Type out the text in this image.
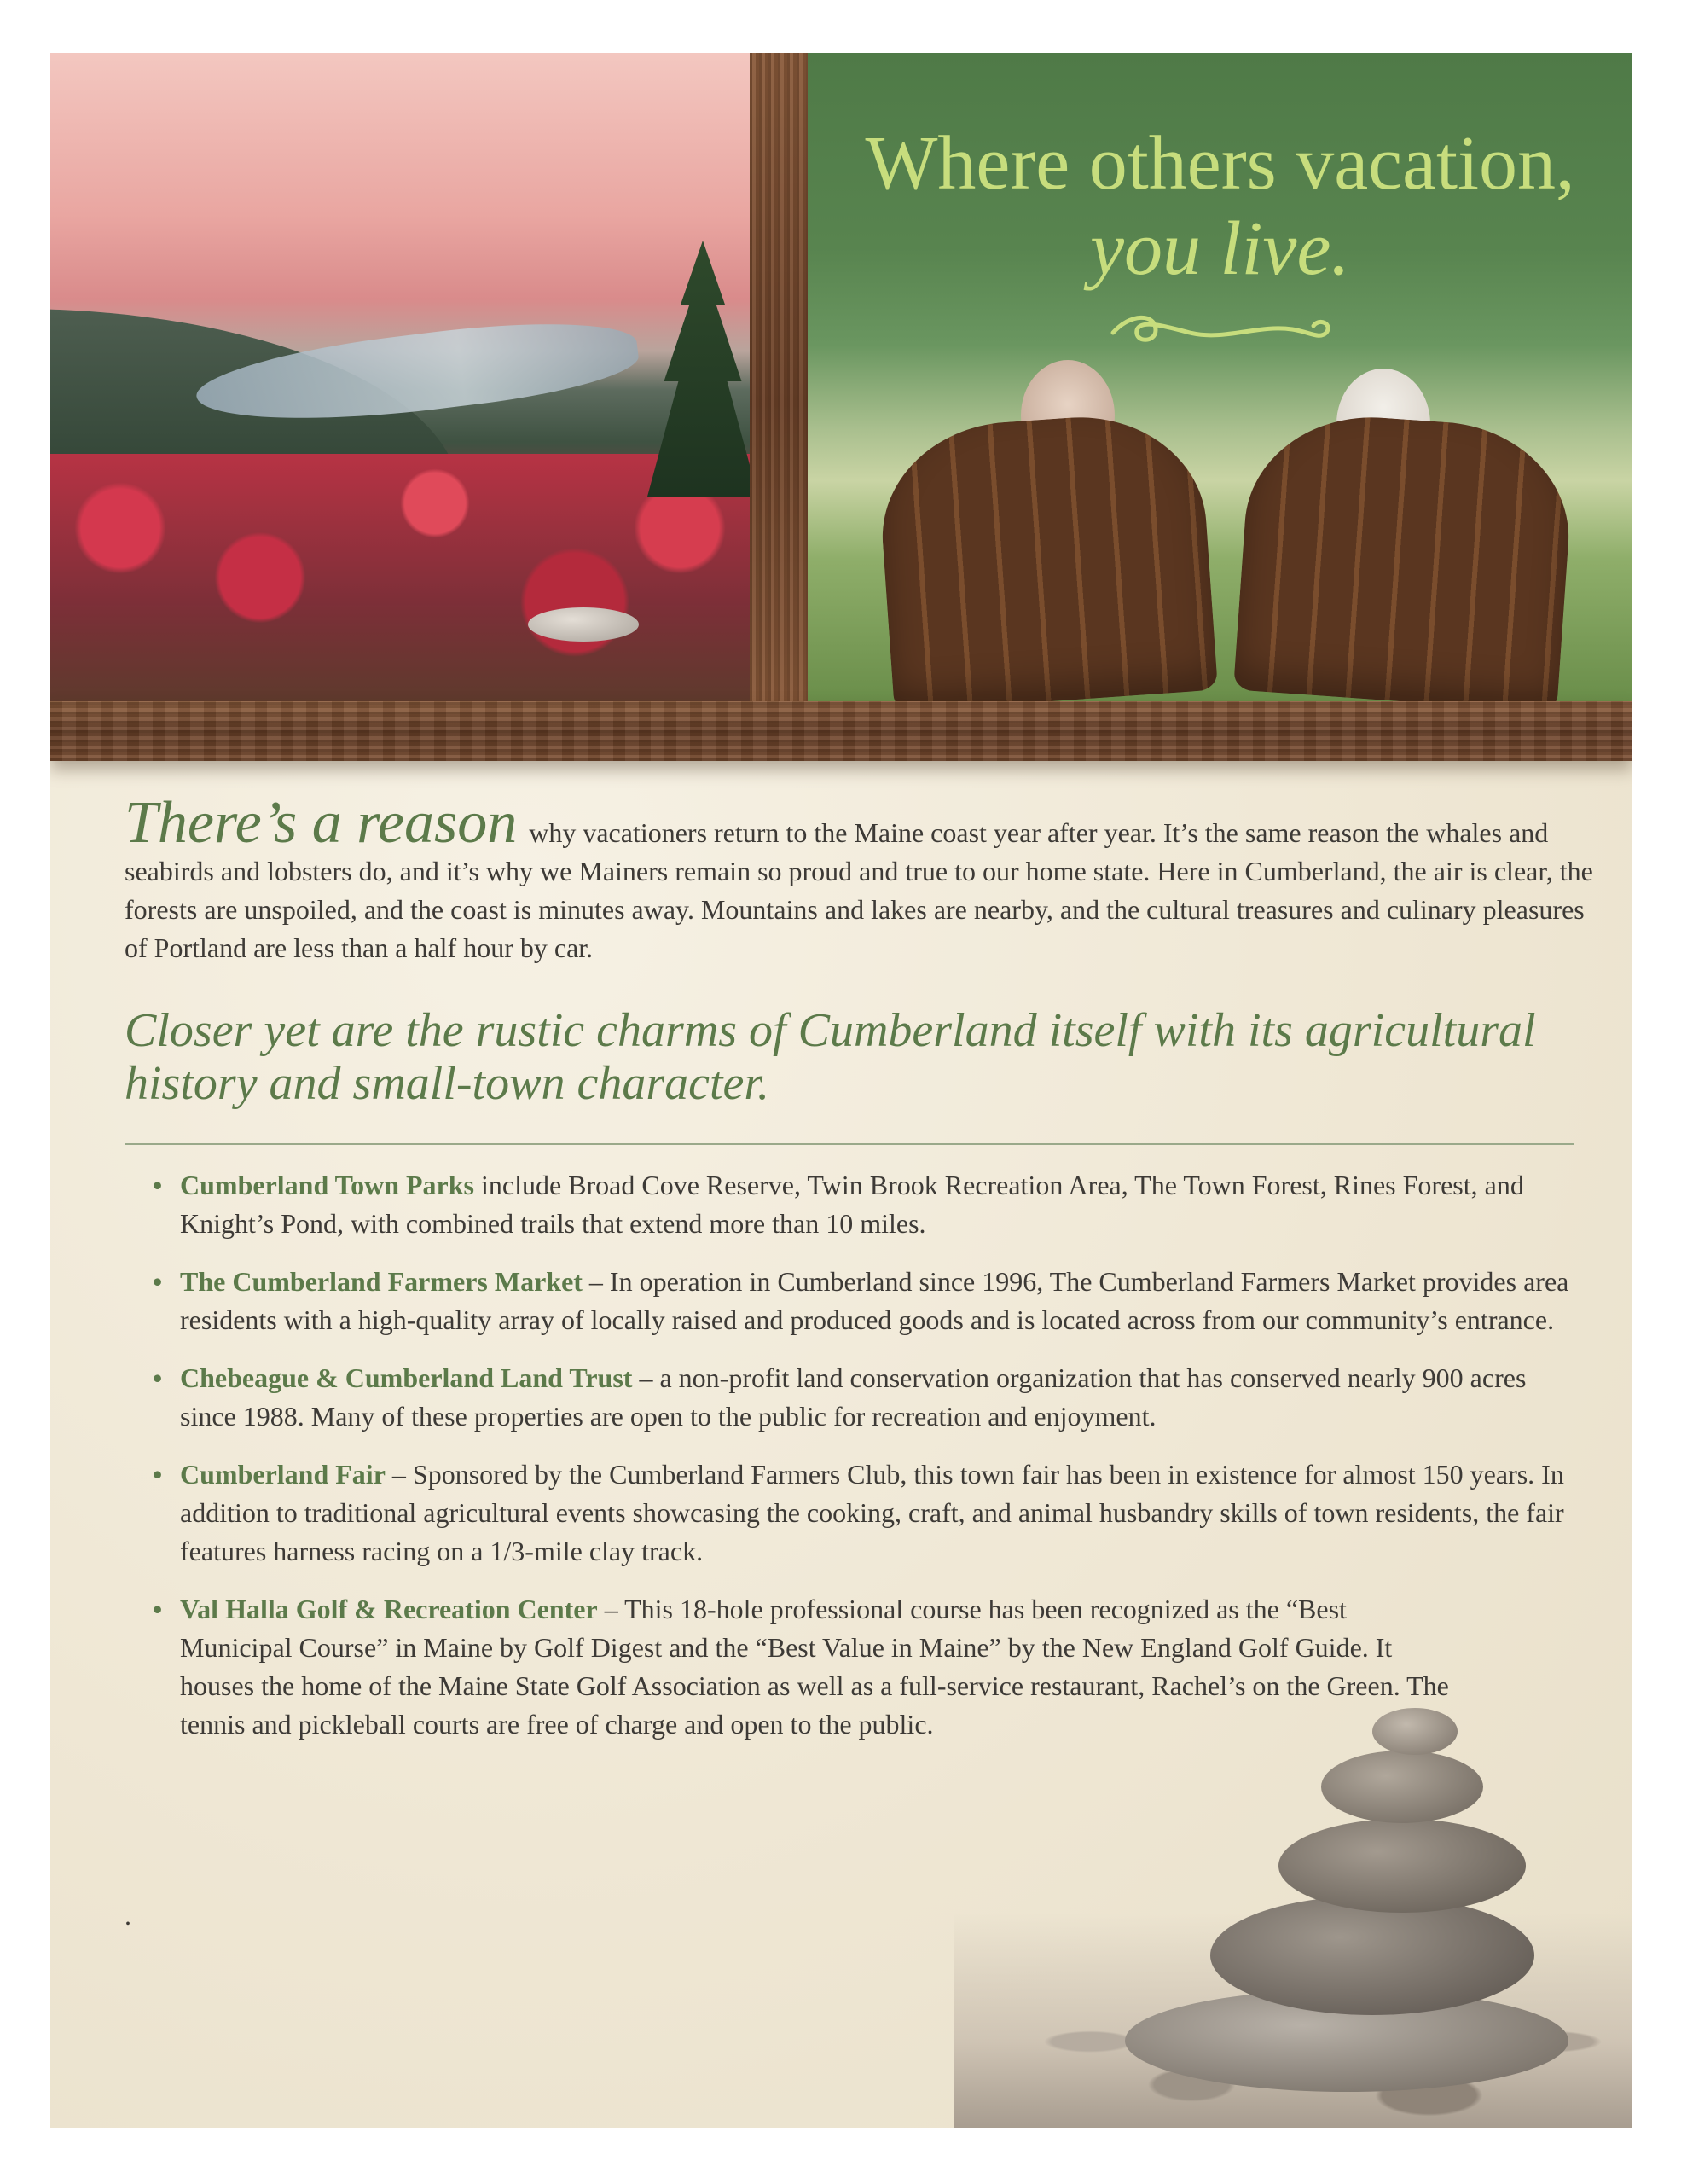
Where others vacation,
you live.

There’s a reason why vacationers return to the Maine coast year after year. It’s the same reason the whales and seabirds and lobsters do, and it’s why we Mainers remain so proud and true to our home state. Here in Cumberland, the air is clear, the forests are unspoiled, and the coast is minutes away. Mountains and lakes are nearby, and the cultural treasures and culinary pleasures of Portland are less than a half hour by car.

Closer yet are the rustic charms of Cumberland itself with its agricultural history and small-town character.

• Cumberland Town Parks include Broad Cove Reserve, Twin Brook Recreation Area, The Town Forest, Rines Forest, and Knight’s Pond, with combined trails that extend more than 10 miles.
• The Cumberland Farmers Market – In operation in Cumberland since 1996, The Cumberland Farmers Market provides area residents with a high-quality array of locally raised and produced goods and is located across from our community’s entrance.
• Chebeague & Cumberland Land Trust – a non-profit land conservation organization that has conserved nearly 900 acres since 1988. Many of these properties are open to the public for recreation and enjoyment.
• Cumberland Fair – Sponsored by the Cumberland Farmers Club, this town fair has been in existence for almost 150 years. In addition to traditional agricultural events showcasing the cooking, craft, and animal husbandry skills of town residents, the fair features harness racing on a 1/3-mile clay track.
• Val Halla Golf & Recreation Center – This 18-hole professional course has been recognized as the “Best Municipal Course” in Maine by Golf Digest and the “Best Value in Maine” by the New England Golf Guide. It houses the home of the Maine State Golf Association as well as a full-service restaurant, Rachel’s on the Green. The tennis and pickleball courts are free of charge and open to the public.
.
